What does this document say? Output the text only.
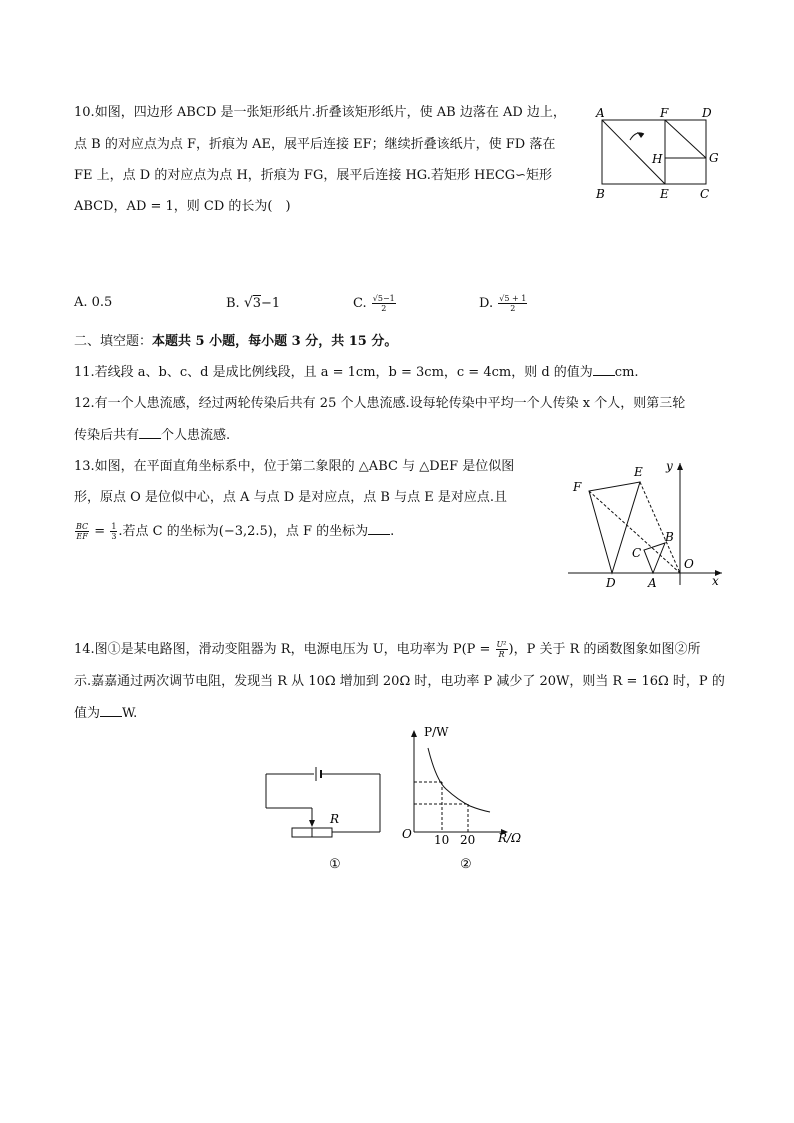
10.如图，四边形 ABCD 是一张矩形纸片.折叠该矩形纸片，使 AB 边落在 AD 边上，
点 B 的对应点为点 F，折痕为 AE，展平后连接 EF；继续折叠该纸片，使 FD 落在
FE 上，点 D 的对应点为点 H，折痕为 FG，展平后连接 HG.若矩形 HECG∽矩形
ABCD，AD = 1，则 CD 的长为(　)
A	F	D
H	G
B	E	C
A. 0.5	B. √3−1	C. $\frac{√5-1}{2}$	D. $\frac{√5 + 1}{2}$
二、填空题：本题共 5 小题，每小题 3 分，共 15 分。
11.若线段 a、b、c、d 是成比例线段，且 a = 1cm，b = 3cm，c = 4cm，则 d 的值为 cm.
12.有一个人患流感，经过两轮传染后共有 25 个人患流感.设每轮传染中平均一个人传染 x 个人，则第三轮
传染后共有 个人患流感.
13.如图，在平面直角坐标系中，位于第二象限的 △ABC 与 △DEF 是位似图
形，原点 O 是位似中心，点 A 与点 D 是对应点，点 B 与点 E 是对应点.且
$\frac{BC}{EF} = \frac{1}{3}$ .若点 C 的坐标为(−3,2.5)，点 F 的坐标为 .
y
x
E
F
B
C
O
D	A
14.图①是某电路图，滑动变阻器为 R，电源电压为 U，电功率为 $P(P = \frac{\text{U²}}{R}$ )，P 关于 R 的函数图象如图②所
示.嘉嘉通过两次调节电阻，发现当 R 从 10Ω 增加到 20Ω 时，电功率 P 减少了 20W，则当 R = 16Ω 时，P 的
值为 W.
R
①
P/W
R/Ω
O 10 20
②
